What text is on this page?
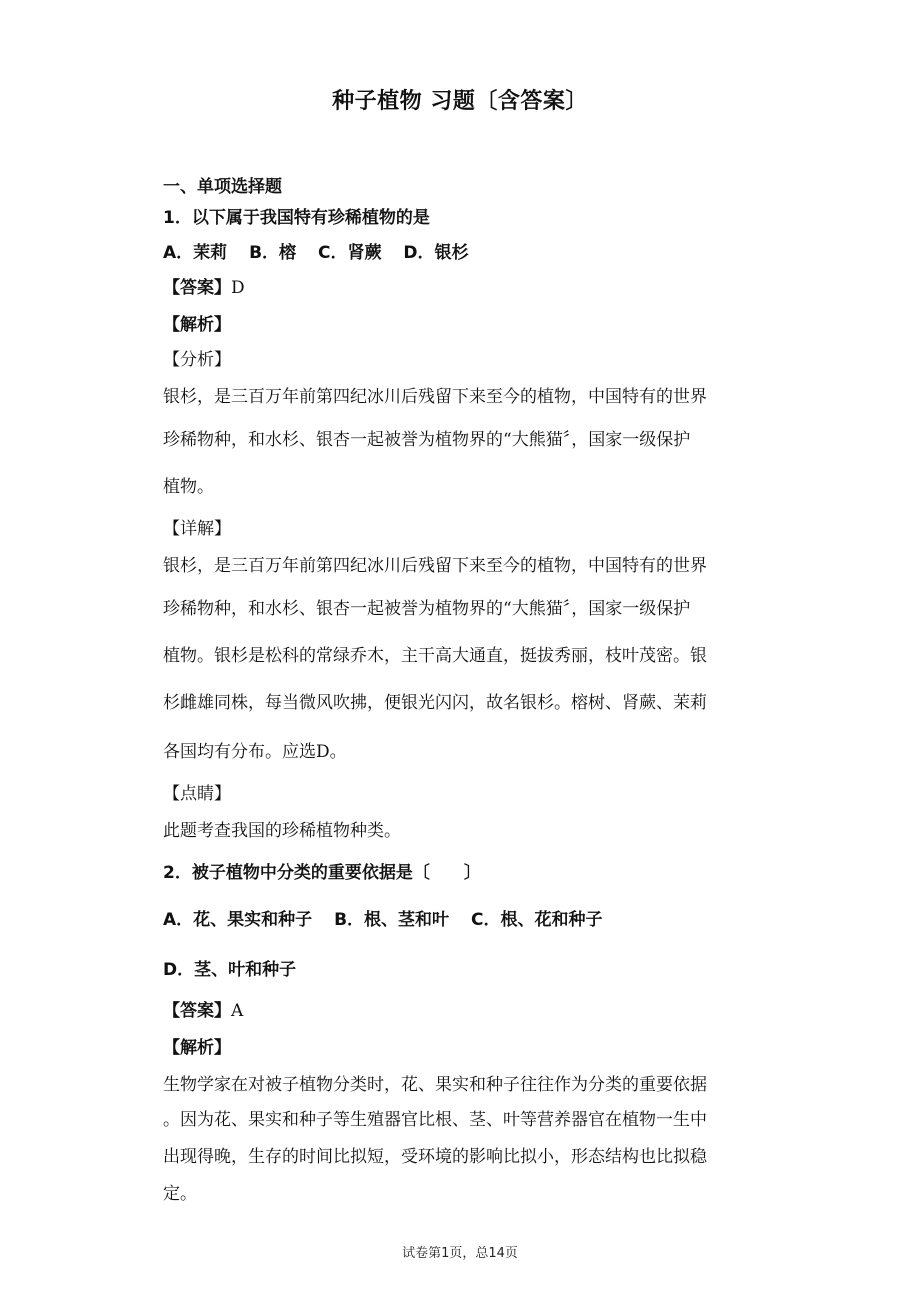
种子植物 习题〔含答案〕
一、单项选择题
1．以下属于我国特有珍稀植物的是
A．茉莉 B．榕 C．肾蕨 D．银杉
【答案】D
【解析】
【分析】
银杉，是三百万年前第四纪冰川后残留下来至今的植物，中国特有的世界
珍稀物种，和水杉、银杏一起被誉为植物界的“大熊猫〞，国家一级保护
植物。
【详解】
银杉，是三百万年前第四纪冰川后残留下来至今的植物，中国特有的世界
珍稀物种，和水杉、银杏一起被誉为植物界的“大熊猫〞，国家一级保护
植物。银杉是松科的常绿乔木，主干高大通直，挺拔秀丽，枝叶茂密。银
杉雌雄同株，每当微风吹拂，便银光闪闪，故名银杉。榕树、肾蕨、茉莉
各国均有分布。应选D。
【点睛】
此题考查我国的珍稀植物种类。
2．被子植物中分类的重要依据是〔　　〕
A．花、果实和种子 B．根、茎和叶 C．根、花和种子
D．茎、叶和种子
【答案】A
【解析】
生物学家在对被子植物分类时，花、果实和种子往往作为分类的重要依据
。因为花、果实和种子等生殖器官比根、茎、叶等营养器官在植物一生中
出现得晚，生存的时间比拟短，受环境的影响比拟小，形态结构也比拟稳
定。
试卷第1页，总14页
